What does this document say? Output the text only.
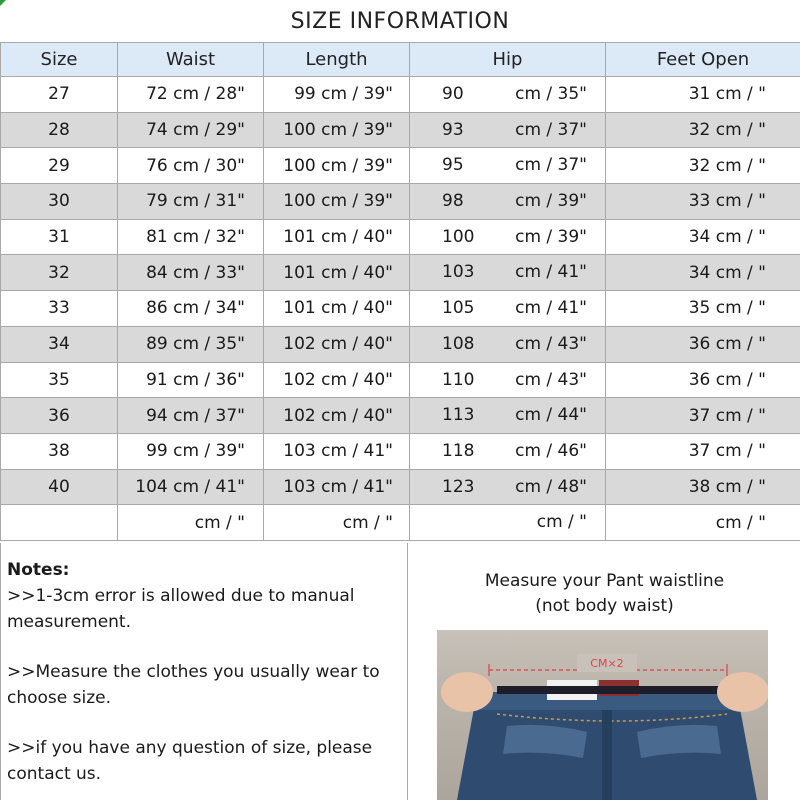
SIZE INFORMATION
Size	Waist	Length	Hip	Feet Open
27	72 cm / 28"	99 cm / 39"	90 cm / 35"	31 cm / "
28	74 cm / 29"	100 cm / 39"	93 cm / 37"	32 cm / "
29	76 cm / 30"	100 cm / 39"	95 cm / 37"	32 cm / "
30	79 cm / 31"	100 cm / 39"	98 cm / 39"	33 cm / "
31	81 cm / 32"	101 cm / 40"	100 cm / 39"	34 cm / "
32	84 cm / 33"	101 cm / 40"	103 cm / 41"	34 cm / "
33	86 cm / 34"	101 cm / 40"	105 cm / 41"	35 cm / "
34	89 cm / 35"	102 cm / 40"	108 cm / 43"	36 cm / "
35	91 cm / 36"	102 cm / 40"	110 cm / 43"	36 cm / "
36	94 cm / 37"	102 cm / 40"	113 cm / 44"	37 cm / "
38	99 cm / 39"	103 cm / 41"	118 cm / 46"	37 cm / "
40	104 cm / 41"	103 cm / 41"	123 cm / 48"	38 cm / "
	cm / "	cm / "	cm / "	cm / "
Notes:
>>1-3cm error is allowed due to manual measurement.
>>Measure the clothes you usually wear to choose size.
>>if you have any question of size, please contact us.
Measure your Pant waistline
(not body waist)
CM×2
